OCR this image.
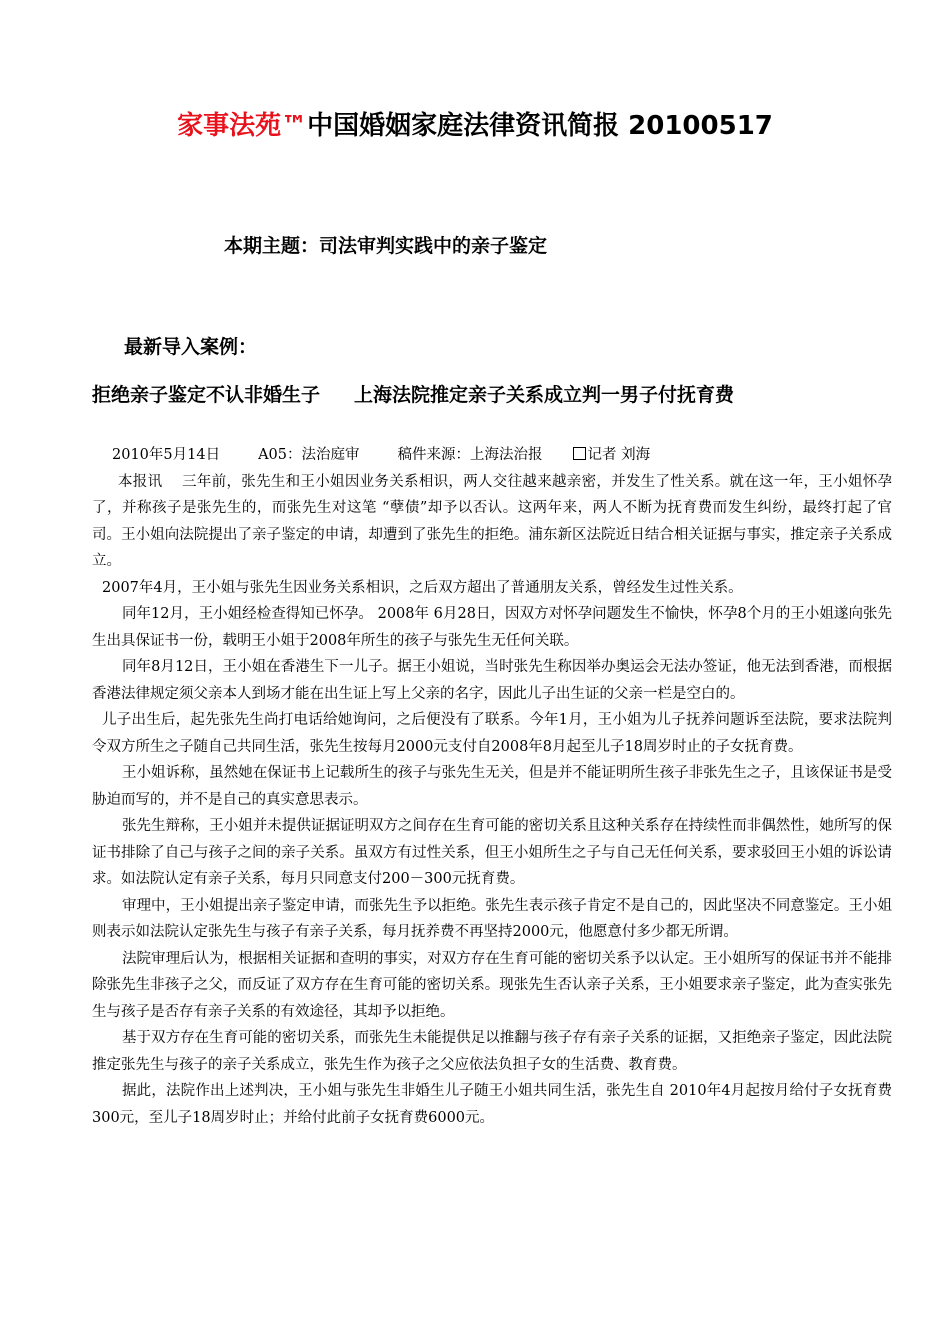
家事法苑™中国婚姻家庭法律资讯简报 20100517
本期主题：司法审判实践中的亲子鉴定
最新导入案例：
拒绝亲子鉴定不认非婚生子 上海法院推定亲子关系成立判一男子付抚育费
2010年5月14日	A05：法治庭审	稿件来源：上海法治报	记者 刘海

本报讯　 三年前，张先生和王小姐因业务关系相识，两人交往越来越亲密，并发生了性关系。就在这一年，王小姐怀孕了，并称孩子是张先生的，而张先生对这笔 “孽债”却予以否认。这两年来，两人不断为抚育费而发生纠纷，最终打起了官司。王小姐向法院提出了亲子鉴定的申请，却遭到了张先生的拒绝。浦东新区法院近日结合相关证据与事实，推定亲子关系成立。

2007年4月，王小姐与张先生因业务关系相识，之后双方超出了普通朋友关系，曾经发生过性关系。

同年12月，王小姐经检查得知已怀孕。 2008年 6月28日，因双方对怀孕问题发生不愉快，怀孕8个月的王小姐遂向张先生出具保证书一份，载明王小姐于2008年所生的孩子与张先生无任何关联。

同年8月12日，王小姐在香港生下一儿子。据王小姐说，当时张先生称因举办奥运会无法办签证，他无法到香港，而根据香港法律规定须父亲本人到场才能在出生证上写上父亲的名字，因此儿子出生证的父亲一栏是空白的。

儿子出生后，起先张先生尚打电话给她询问，之后便没有了联系。今年1月，王小姐为儿子抚养问题诉至法院，要求法院判令双方所生之子随自己共同生活，张先生按每月2000元支付自2008年8月起至儿子18周岁时止的子女抚育费。

王小姐诉称，虽然她在保证书上记载所生的孩子与张先生无关，但是并不能证明所生孩子非张先生之子，且该保证书是受胁迫而写的，并不是自己的真实意思表示。

张先生辩称，王小姐并未提供证据证明双方之间存在生育可能的密切关系且这种关系存在持续性而非偶然性，她所写的保证书排除了自己与孩子之间的亲子关系。虽双方有过性关系，但王小姐所生之子与自己无任何关系，要求驳回王小姐的诉讼请求。如法院认定有亲子关系，每月只同意支付200－300元抚育费。

审理中，王小姐提出亲子鉴定申请，而张先生予以拒绝。张先生表示孩子肯定不是自己的，因此坚决不同意鉴定。王小姐则表示如法院认定张先生与孩子有亲子关系，每月抚养费不再坚持2000元，他愿意付多少都无所谓。

法院审理后认为，根据相关证据和查明的事实，对双方存在生育可能的密切关系予以认定。王小姐所写的保证书并不能排除张先生非孩子之父，而反证了双方存在生育可能的密切关系。现张先生否认亲子关系，王小姐要求亲子鉴定，此为查实张先生与孩子是否存有亲子关系的有效途径，其却予以拒绝。

基于双方存在生育可能的密切关系，而张先生未能提供足以推翻与孩子存有亲子关系的证据，又拒绝亲子鉴定，因此法院推定张先生与孩子的亲子关系成立，张先生作为孩子之父应依法负担子女的生活费、教育费。

据此，法院作出上述判决，王小姐与张先生非婚生儿子随王小姐共同生活，张先生自 2010年4月起按月给付子女抚育费300元，至儿子18周岁时止；并给付此前子女抚育费6000元。
